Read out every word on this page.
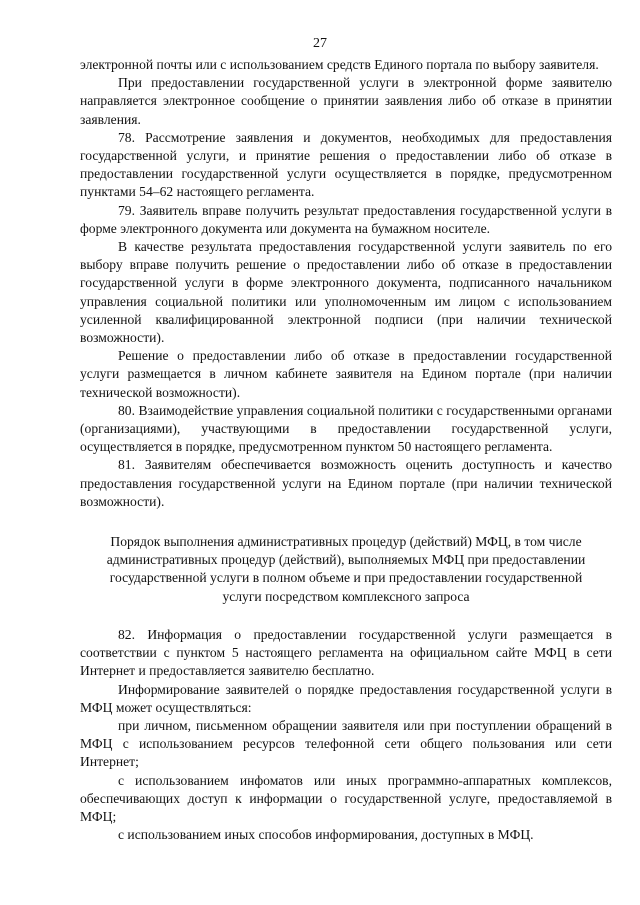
27

электронной почты или с использованием средств Единого портала по выбору заявителя.

При предоставлении государственной услуги в электронной форме заявителю направляется электронное сообщение о принятии заявления либо об отказе в принятии заявления.

78. Рассмотрение заявления и документов, необходимых для предоставления государственной услуги, и принятие решения о предоставлении либо об отказе в предоставлении государственной услуги осуществляется в порядке, предусмотренном пунктами 54–62 настоящего регламента.

79. Заявитель вправе получить результат предоставления государственной услуги в форме электронного документа или документа на бумажном носителе.

В качестве результата предоставления государственной услуги заявитель по его выбору вправе получить решение о предоставлении либо об отказе в предоставлении государственной услуги в форме электронного документа, подписанного начальником управления социальной политики или уполномоченным им лицом с использованием усиленной квалифицированной электронной подписи (при наличии технической возможности).

Решение о предоставлении либо об отказе в предоставлении государственной услуги размещается в личном кабинете заявителя на Едином портале (при наличии технической возможности).

80. Взаимодействие управления социальной политики с государственными органами (организациями), участвующими в предоставлении государственной услуги, осуществляется в порядке, предусмотренном пунктом 50 настоящего регламента.

81. Заявителям обеспечивается возможность оценить доступность и качество предоставления государственной услуги на Едином портале (при наличии технической возможности).

Порядок выполнения административных процедур (действий) МФЦ, в том числе административных процедур (действий), выполняемых МФЦ при предоставлении государственной услуги в полном объеме и при предоставлении государственной услуги посредством комплексного запроса

82. Информация о предоставлении государственной услуги размещается в соответствии с пунктом 5 настоящего регламента на официальном сайте МФЦ в сети Интернет и предоставляется заявителю бесплатно.

Информирование заявителей о порядке предоставления государственной услуги в МФЦ может осуществляться:

при личном, письменном обращении заявителя или при поступлении обращений в МФЦ с использованием ресурсов телефонной сети общего пользования или сети Интернет;

с использованием инфоматов или иных программно-аппаратных комплексов, обеспечивающих доступ к информации о государственной услуге, предоставляемой в МФЦ;

с использованием иных способов информирования, доступных в МФЦ.
